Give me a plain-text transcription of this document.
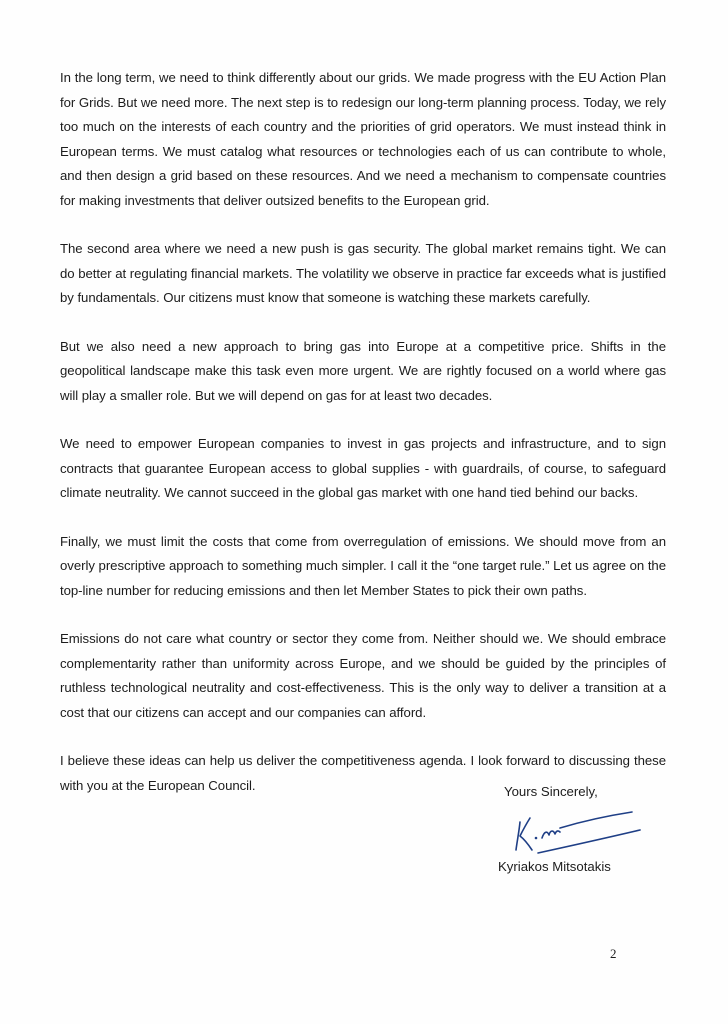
In the long term, we need to think differently about our grids. We made progress with the EU Action Plan for Grids. But we need more. The next step is to redesign our long-term planning process. Today, we rely too much on the interests of each country and the priorities of grid operators. We must instead think in European terms. We must catalog what resources or technologies each of us can contribute to whole, and then design a grid based on these resources. And we need a mechanism to compensate countries for making investments that deliver outsized benefits to the European grid.

The second area where we need a new push is gas security. The global market remains tight. We can do better at regulating financial markets. The volatility we observe in practice far exceeds what is justified by fundamentals. Our citizens must know that someone is watching these markets carefully.

But we also need a new approach to bring gas into Europe at a competitive price. Shifts in the geopolitical landscape make this task even more urgent. We are rightly focused on a world where gas will play a smaller role. But we will depend on gas for at least two decades.

We need to empower European companies to invest in gas projects and infrastructure, and to sign contracts that guarantee European access to global supplies - with guardrails, of course, to safeguard climate neutrality. We cannot succeed in the global gas market with one hand tied behind our backs.

Finally, we must limit the costs that come from overregulation of emissions. We should move from an overly prescriptive approach to something much simpler. I call it the “one target rule.” Let us agree on the top-line number for reducing emissions and then let Member States to pick their own paths.

Emissions do not care what country or sector they come from. Neither should we. We should embrace complementarity rather than uniformity across Europe, and we should be guided by the principles of ruthless technological neutrality and cost-effectiveness. This is the only way to deliver a transition at a cost that our citizens can accept and our companies can afford.

I believe these ideas can help us deliver the competitiveness agenda. I look forward to discussing these with you at the European Council.	Yours Sincerely,
Kyriakos Mitsotakis
2
